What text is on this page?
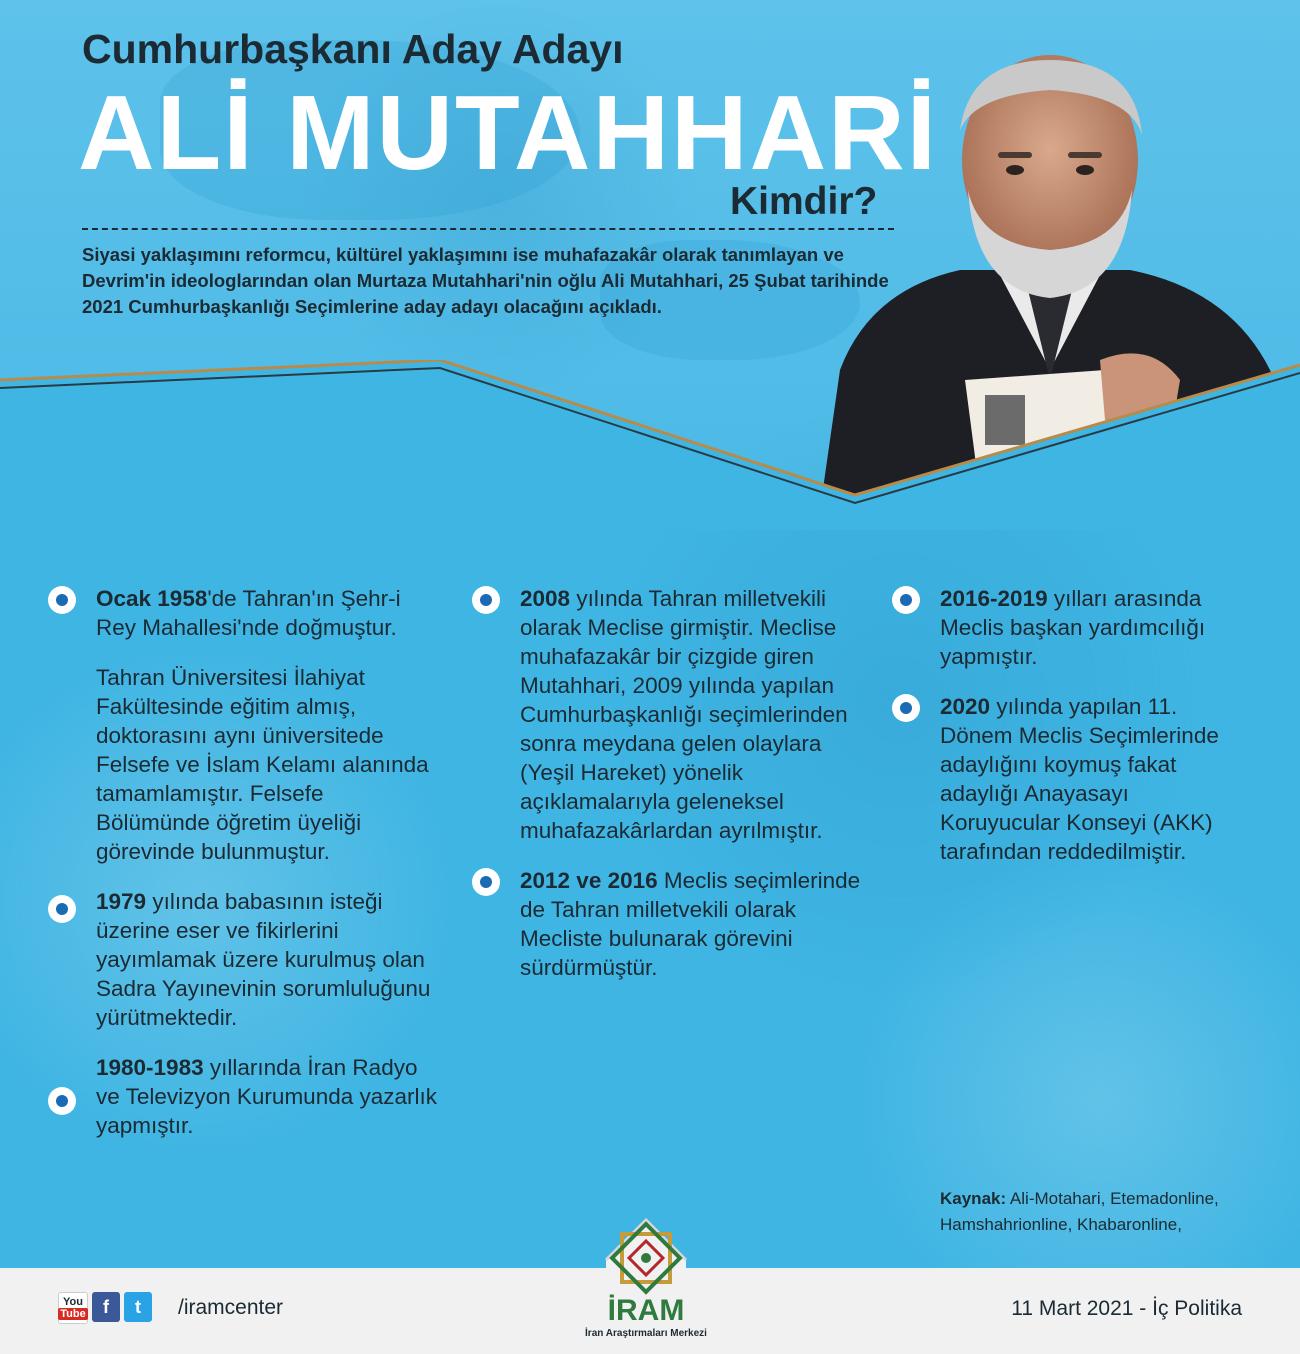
Cumhurbaşkanı Aday Adayı
ALİ MUTAHHARİ
Kimdir?
Siyasi yaklaşımını reformcu, kültürel yaklaşımını ise muhafazakâr olarak tanımlayan ve Devrim'in ideologlarından olan Murtaza Mutahhari'nin oğlu Ali Mutahhari, 25 Şubat tarihinde 2021 Cumhurbaşkanlığı Seçimlerine aday adayı olacağını açıkladı.
Ocak 1958'de Tahran'ın Şehr-i Rey Mahallesi'nde doğmuştur.
Tahran Üniversitesi İlahiyat Fakültesinde eğitim almış, doktorasını aynı üniversitede Felsefe ve İslam Kelamı alanında tamamlamıştır. Felsefe Bölümünde öğretim üyeliği görevinde bulunmuştur.
1979 yılında babasının isteği üzerine eser ve fikirlerini yayımlamak üzere kurulmuş olan Sadra Yayınevinin sorumluluğunu yürütmektedir.
1980-1983 yıllarında İran Radyo ve Televizyon Kurumunda yazarlık yapmıştır.
2008 yılında Tahran milletvekili olarak Meclise girmiştir. Meclise muhafazakâr bir çizgide giren Mutahhari, 2009 yılında yapılan Cumhurbaşkanlığı seçimlerinden sonra meydana gelen olaylara (Yeşil Hareket) yönelik açıklamalarıyla geleneksel muhafazakârlardan ayrılmıştır.
2012 ve 2016 Meclis seçimlerinde de Tahran milletvekili olarak Mecliste bulunarak görevini sürdürmüştür.
2016-2019 yılları arasında Meclis başkan yardımcılığı yapmıştır.
2020 yılında yapılan 11. Dönem Meclis Seçimlerinde adaylığını koymuş fakat adaylığı Anayasayı Koruyucular Konseyi (AKK) tarafından reddedilmiştir.
Kaynak: Ali-Motahari, Etemadonline, Hamshahrionline, Khabaronline,
You
Tube f t /iramcenter	İRAM
İran Araştırmaları Merkezi
11 Mart 2021 - İç Politika
